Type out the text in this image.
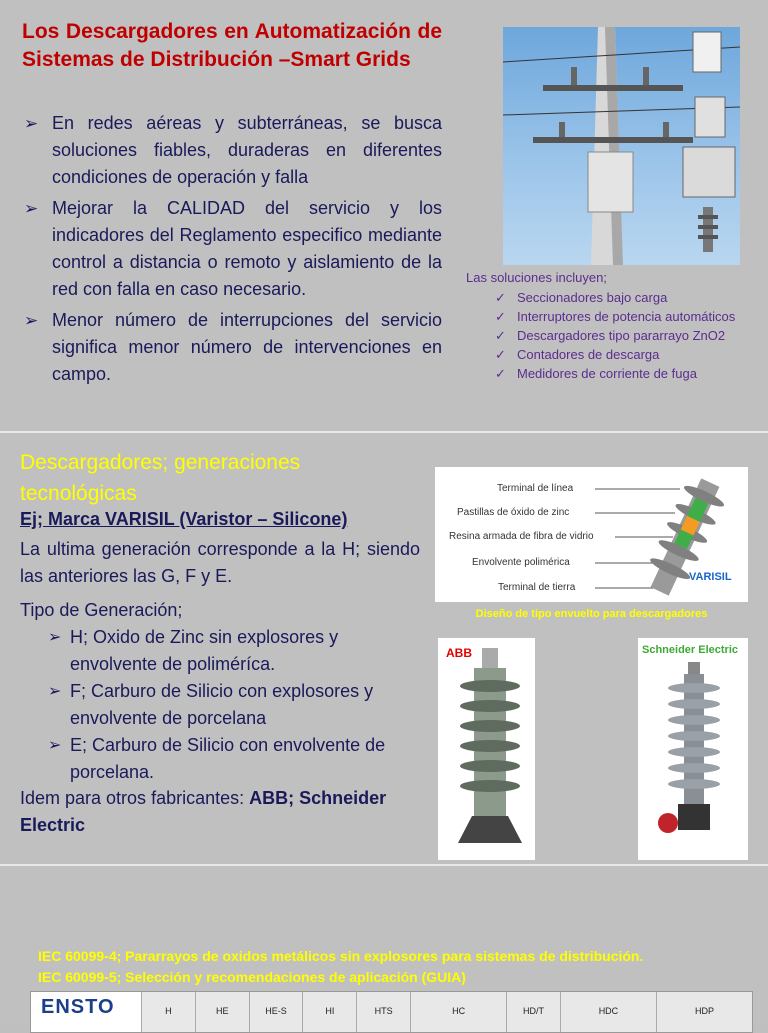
Los Descargadores en Automatización de Sistemas de Distribución –Smart Grids
➢ En redes aéreas y subterráneas, se busca soluciones fiables, duraderas en diferentes condiciones de operación y falla
➢ Mejorar la CALIDAD del servicio y los indicadores del Reglamento especifico mediante control a distancia o remoto y aislamiento de la red con falla en caso necesario.
➢ Menor número de interrupciones del servicio significa menor número de intervenciones en campo.
Las soluciones incluyen;
✓ Seccionadores bajo carga
✓ Interruptores de potencia automáticos
✓ Descargadores tipo pararrayo ZnO2
✓ Contadores de descarga
✓ Medidores de corriente de fuga
Descargadores; generaciones tecnológicas
Ej; Marca VARISIL (Varistor – Silicone)
La ultima generación corresponde a la H; siendo las anteriores las G, F y E.
Tipo de Generación;
➢ H; Oxido de Zinc sin explosores y envolvente de poliméríca.
➢ F; Carburo de Silicio con explosores y envolvente de porcelana
➢ E; Carburo de Silicio con envolvente de porcelana.
Idem para otros fabricantes: ABB; Schneider Electric
Terminal de línea
Pastillas de óxido de zinc
Resina armada de fibra de vidrio
Envolvente polimérica
Terminal de tierra
VARISIL
Diseño de tipo envuelto para descargadores
ABB	Schneider Electric
IEC 60099-4; Pararrayos de oxidos metálicos sin explosores para sistemas de distribución.
IEC 60099-5; Selección y recomendaciones de aplicación (GUIA)
ENSTO	H	HE	HE-S	HI	HTS	HC	HD/T	HDC	HDP
